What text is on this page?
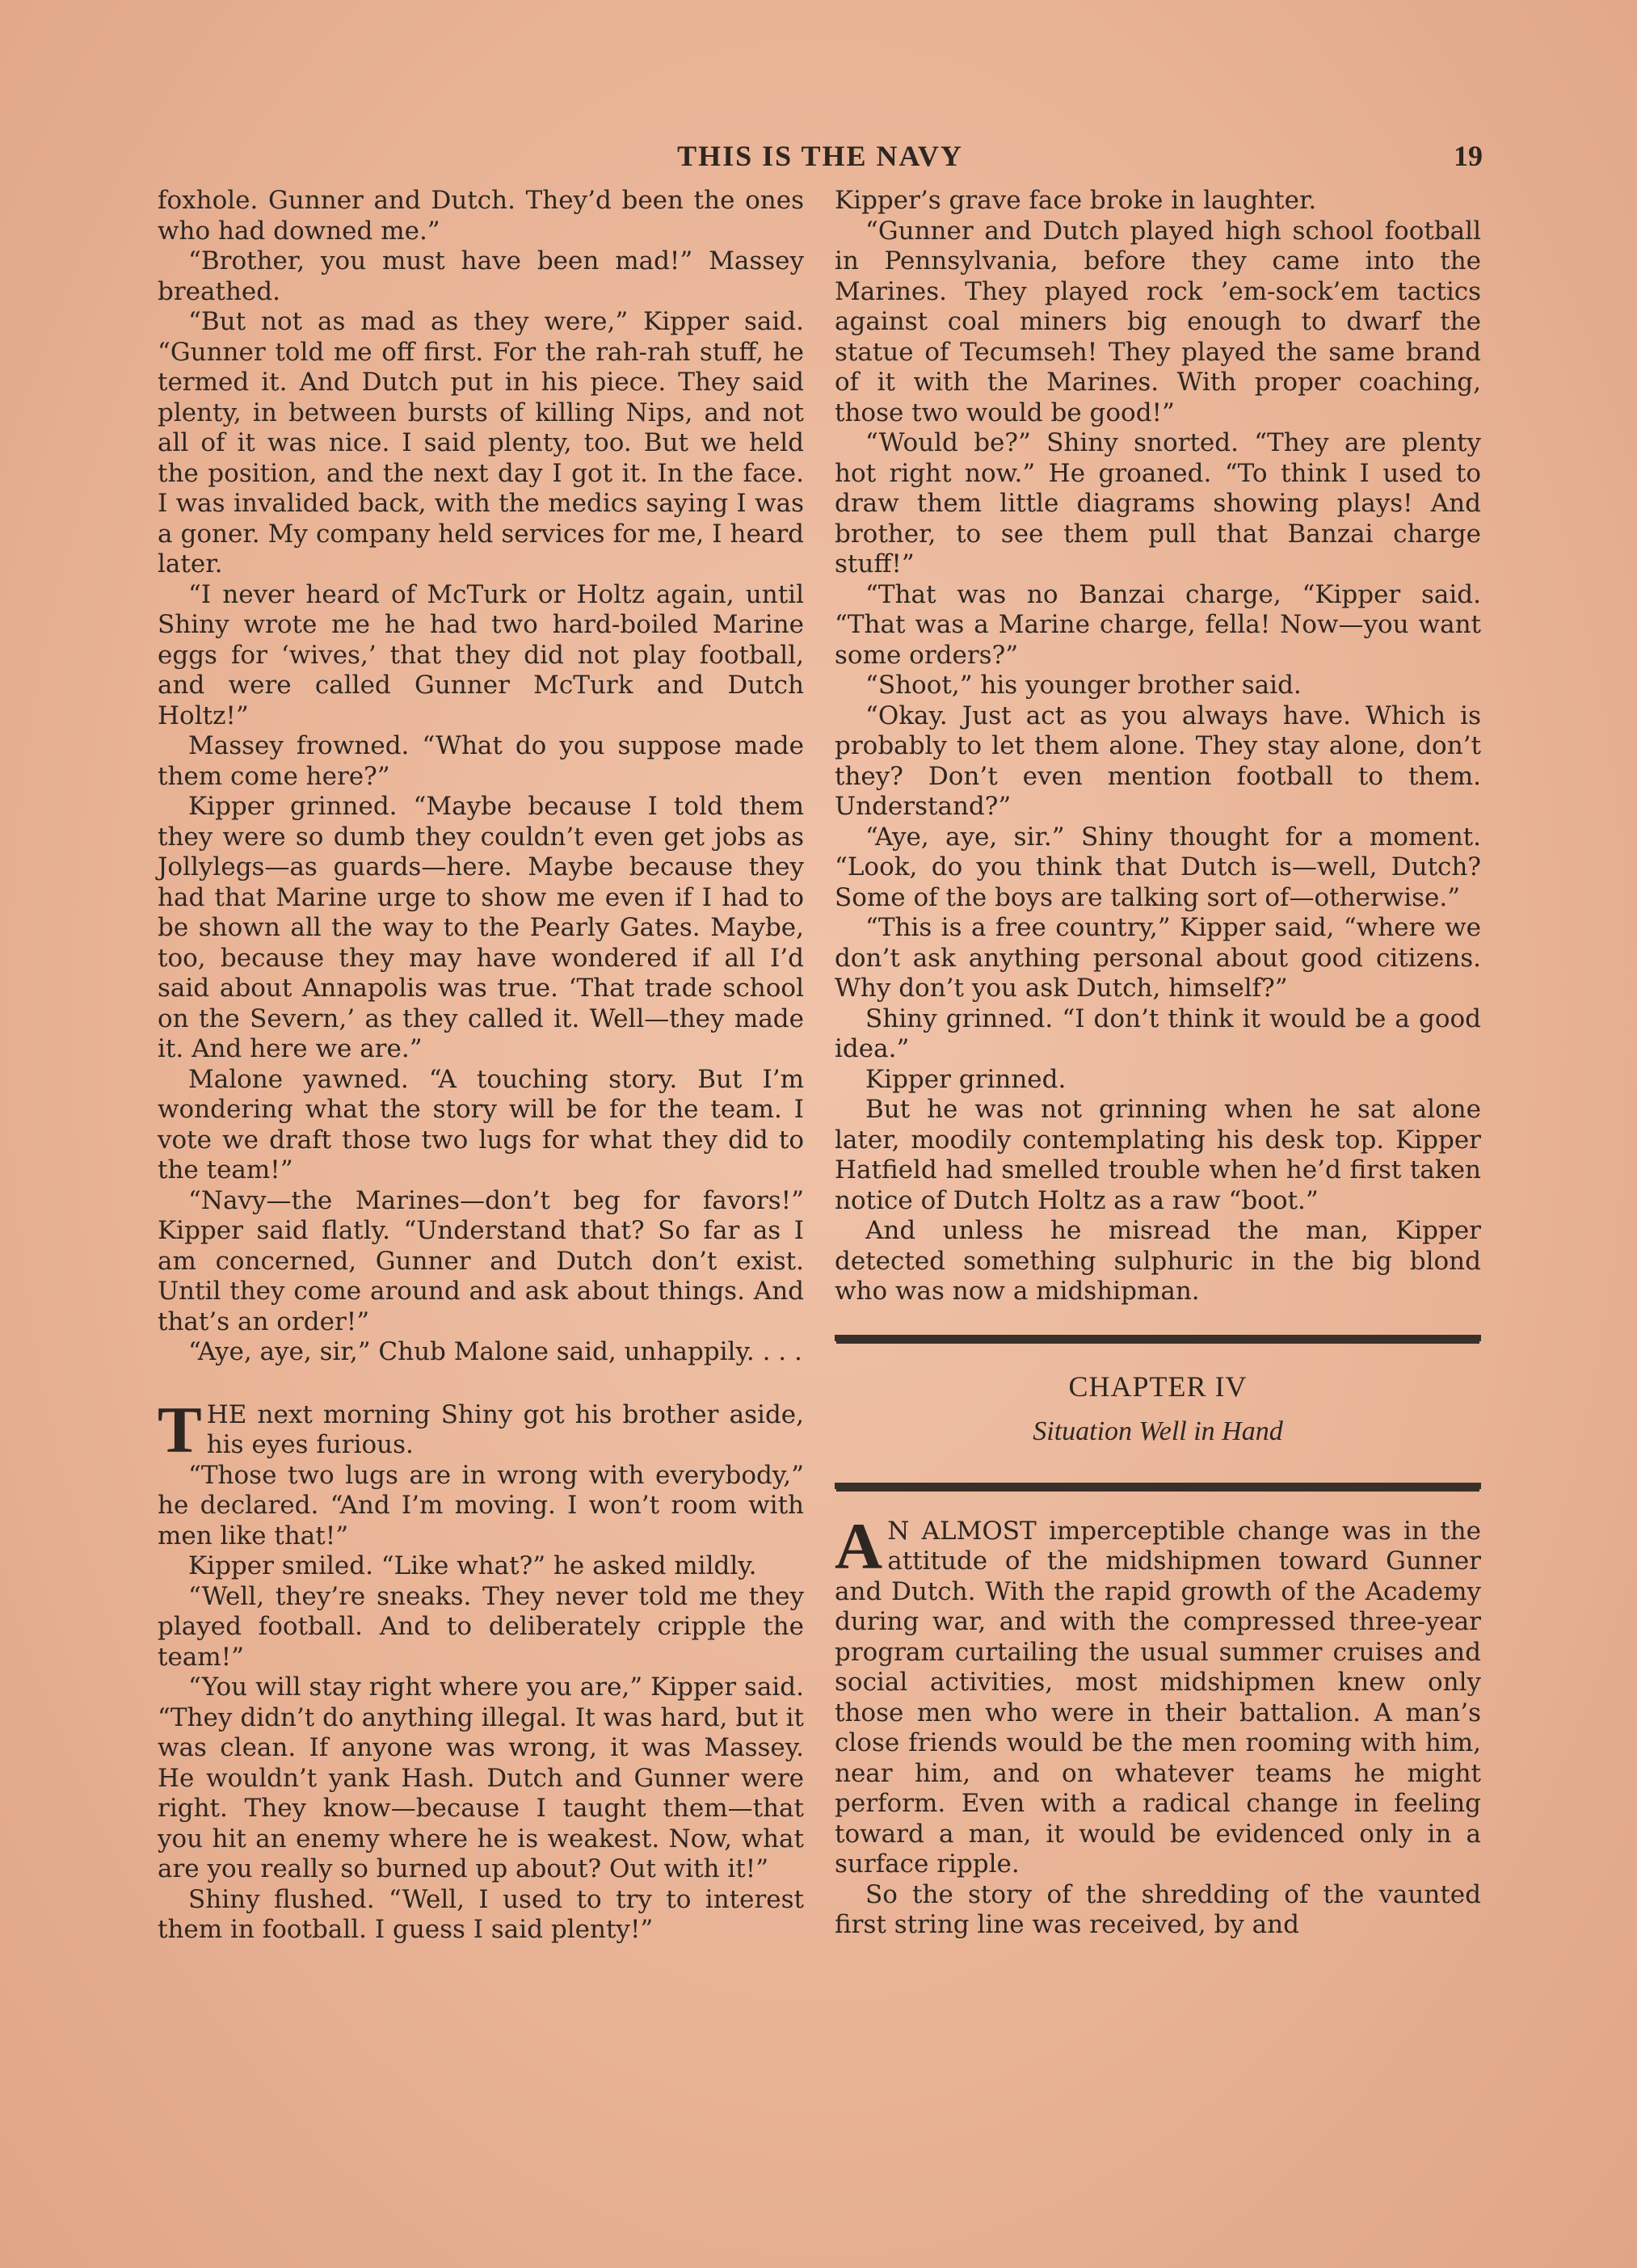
THIS IS THE NAVY	19

foxhole. Gunner and Dutch. They’d been the ones who had downed me.”

“Brother, you must have been mad!” Massey breathed.

“But not as mad as they were,” Kipper said. “Gunner told me off first. For the rah-rah stuff, he termed it. And Dutch put in his piece. They said plenty, in between bursts of killing Nips, and not all of it was nice. I said plenty, too. But we held the position, and the next day I got it. In the face. I was invalided back, with the medics saying I was a goner. My company held services for me, I heard later.

“I never heard of McTurk or Holtz again, until Shiny wrote me he had two hard-boiled Marine eggs for ‘wives,’ that they did not play football, and were called Gunner McTurk and Dutch Holtz!”

Massey frowned. “What do you suppose made them come here?”

Kipper grinned. “Maybe because I told them they were so dumb they couldn’t even get jobs as Jollylegs—as guards—here. Maybe because they had that Marine urge to show me even if I had to be shown all the way to the Pearly Gates. Maybe, too, because they may have wondered if all I’d said about Annapolis was true. ‘That trade school on the Severn,’ as they called it. Well—they made it. And here we are.”

Malone yawned. “A touching story. But I’m wondering what the story will be for the team. I vote we draft those two lugs for what they did to the team!”

“Navy—the Marines—don’t beg for favors!” Kipper said flatly. “Understand that? So far as I am concerned, Gunner and Dutch don’t exist. Until they come around and ask about things. And that’s an order!”

“Aye, aye, sir,” Chub Malone said, unhappily. . . .

THE next morning Shiny got his brother aside, his eyes furious.

“Those two lugs are in wrong with everybody,” he declared. “And I’m moving. I won’t room with men like that!”

Kipper smiled. “Like what?” he asked mildly.

“Well, they’re sneaks. They never told me they played football. And to deliberately cripple the team!”

“You will stay right where you are,” Kipper said. “They didn’t do anything illegal. It was hard, but it was clean. If anyone was wrong, it was Massey. He wouldn’t yank Hash. Dutch and Gunner were right. They know—because I taught them—that you hit an enemy where he is weakest. Now, what are you really so burned up about? Out with it!”

Shiny flushed. “Well, I used to try to interest them in football. I guess I said plenty!”

Kipper’s grave face broke in laughter.

“Gunner and Dutch played high school football in Pennsylvania, before they came into the Marines. They played rock ’em-sock’em tactics against coal miners big enough to dwarf the statue of Tecumseh! They played the same brand of it with the Marines. With proper coaching, those two would be good!”

“Would be?” Shiny snorted. “They are plenty hot right now.” He groaned. “To think I used to draw them little diagrams showing plays! And brother, to see them pull that Banzai charge stuff!”

“That was no Banzai charge, “Kipper said. “That was a Marine charge, fella! Now—you want some orders?”

“Shoot,” his younger brother said.

“Okay. Just act as you always have. Which is probably to let them alone. They stay alone, don’t they? Don’t even mention football to them. Understand?”

“Aye, aye, sir.” Shiny thought for a moment. “Look, do you think that Dutch is—well, Dutch? Some of the boys are talking sort of—otherwise.”

“This is a free country,” Kipper said, “where we don’t ask anything personal about good citizens. Why don’t you ask Dutch, himself?”

Shiny grinned. “I don’t think it would be a good idea.”

Kipper grinned.

But he was not grinning when he sat alone later, moodily contemplating his desk top. Kipper Hatfield had smelled trouble when he’d first taken notice of Dutch Holtz as a raw “boot.”

And unless he misread the man, Kipper detected something sulphuric in the big blond who was now a midshipman.

CHAPTER IV
Situation Well in Hand

A N ALMOST imperceptible change was in the attitude of the midshipmen toward Gunner and Dutch. With the rapid growth of the Academy during war, and with the compressed three-year program curtailing the usual summer cruises and social activities, most midshipmen knew only those men who were in their battalion. A man’s close friends would be the men rooming with him, near him, and on whatever teams he might perform. Even with a radical change in feeling toward a man, it would be evidenced only in a surface ripple.

So the story of the shredding of the vaunted first string line was received, by and
